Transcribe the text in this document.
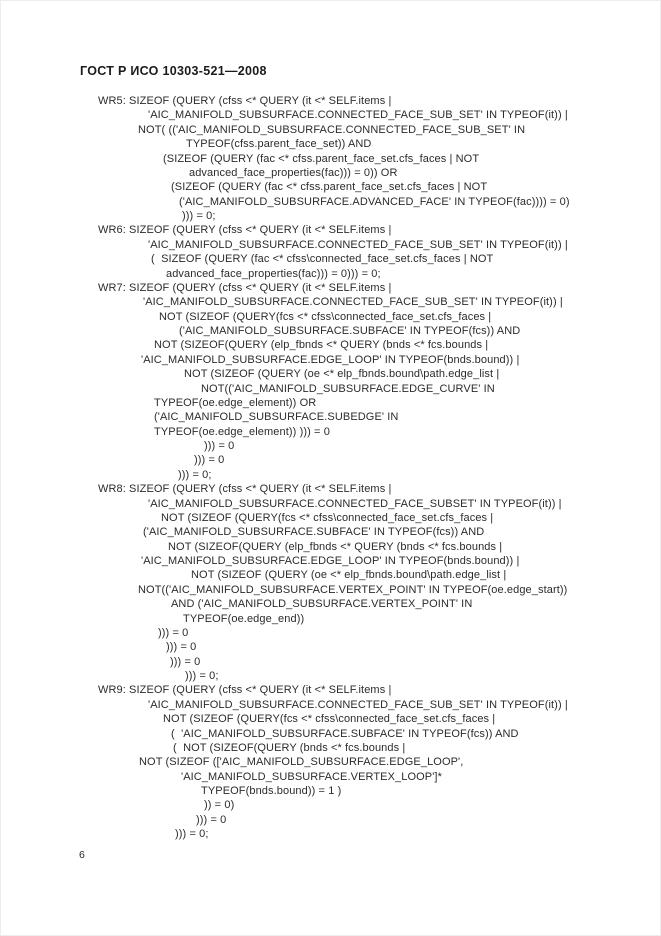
ГОСТ Р ИСО 10303-521—2008
WR5: SIZEOF (QUERY (cfss <* QUERY (it <* SELF.items |
'AIC_MANIFOLD_SUBSURFACE.CONNECTED_FACE_SUB_SET' IN TYPEOF(it)) |
NOT( (('AIC_MANIFOLD_SUBSURFACE.CONNECTED_FACE_SUB_SET' IN
TYPEOF(cfss.parent_face_set)) AND
(SIZEOF (QUERY (fac <* cfss.parent_face_set.cfs_faces | NOT
advanced_face_properties(fac))) = 0)) OR
(SIZEOF (QUERY (fac <* cfss.parent_face_set.cfs_faces | NOT
('AIC_MANIFOLD_SUBSURFACE.ADVANCED_FACE' IN TYPEOF(fac)))) = 0)
))) = 0;
WR6: SIZEOF (QUERY (cfss <* QUERY (it <* SELF.items |
'AIC_MANIFOLD_SUBSURFACE.CONNECTED_FACE_SUB_SET' IN TYPEOF(it)) |
(  SIZEOF (QUERY (fac <* cfss\connected_face_set.cfs_faces | NOT
advanced_face_properties(fac))) = 0))) = 0;
WR7: SIZEOF (QUERY (cfss <* QUERY (it <* SELF.items |
'AIC_MANIFOLD_SUBSURFACE.CONNECTED_FACE_SUB_SET' IN TYPEOF(it)) |
NOT (SIZEOF (QUERY(fcs <* cfss\connected_face_set.cfs_faces |
('AIC_MANIFOLD_SUBSURFACE.SUBFACE' IN TYPEOF(fcs)) AND
NOT (SIZEOF(QUERY (elp_fbnds <* QUERY (bnds <* fcs.bounds |
'AIC_MANIFOLD_SUBSURFACE.EDGE_LOOP' IN TYPEOF(bnds.bound)) |
NOT (SIZEOF (QUERY (oe <* elp_fbnds.bound\path.edge_list |
NOT(('AIC_MANIFOLD_SUBSURFACE.EDGE_CURVE' IN
TYPEOF(oe.edge_element)) OR
('AIC_MANIFOLD_SUBSURFACE.SUBEDGE' IN
TYPEOF(oe.edge_element)) ))) = 0
))) = 0
))) = 0
))) = 0;
WR8: SIZEOF (QUERY (cfss <* QUERY (it <* SELF.items |
'AIC_MANIFOLD_SUBSURFACE.CONNECTED_FACE_SUBSET' IN TYPEOF(it)) |
NOT (SIZEOF (QUERY(fcs <* cfss\connected_face_set.cfs_faces |
('AIC_MANIFOLD_SUBSURFACE.SUBFACE' IN TYPEOF(fcs)) AND
NOT (SIZEOF(QUERY (elp_fbnds <* QUERY (bnds <* fcs.bounds |
'AIC_MANIFOLD_SUBSURFACE.EDGE_LOOP' IN TYPEOF(bnds.bound)) |
NOT (SIZEOF (QUERY (oe <* elp_fbnds.bound\path.edge_list |
NOT(('AIC_MANIFOLD_SUBSURFACE.VERTEX_POINT' IN TYPEOF(oe.edge_start))
AND ('AIC_MANIFOLD_SUBSURFACE.VERTEX_POINT' IN
TYPEOF(oe.edge_end))
))) = 0
))) = 0
))) = 0
))) = 0;
WR9: SIZEOF (QUERY (cfss <* QUERY (it <* SELF.items |
'AIC_MANIFOLD_SUBSURFACE.CONNECTED_FACE_SUB_SET' IN TYPEOF(it)) |
NOT (SIZEOF (QUERY(fcs <* cfss\connected_face_set.cfs_faces |
(  'AIC_MANIFOLD_SUBSURFACE.SUBFACE' IN TYPEOF(fcs)) AND
(  NOT (SIZEOF(QUERY (bnds <* fcs.bounds |
NOT (SIZEOF (['AIC_MANIFOLD_SUBSURFACE.EDGE_LOOP',
'AIC_MANIFOLD_SUBSURFACE.VERTEX_LOOP']*
TYPEOF(bnds.bound)) = 1 )
)) = 0)
))) = 0
))) = 0;
6
